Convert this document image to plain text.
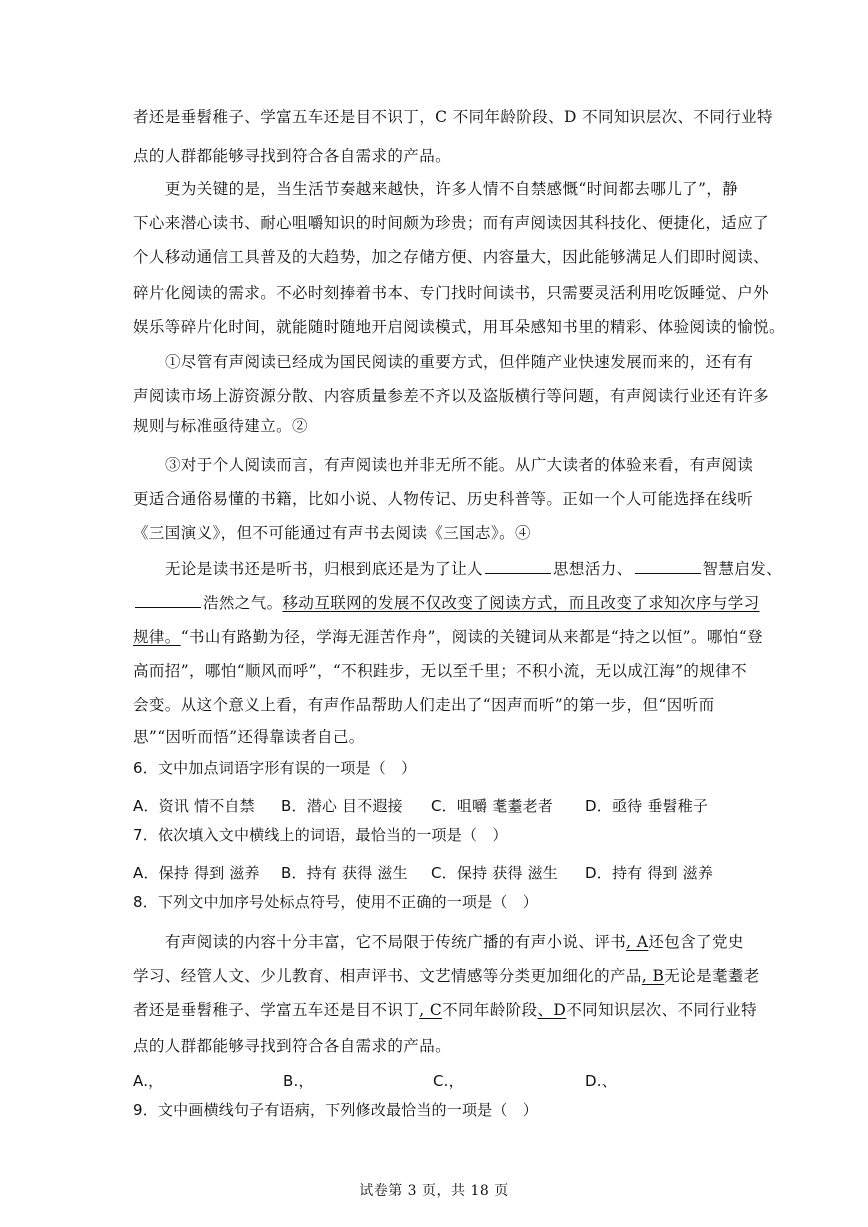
者还是垂髫稚子、学富五车还是目不识丁，C 不同年龄阶段、D 不同知识层次、不同行业特
点的人群都能够寻找到符合各自需求的产品。
更为关键的是，当生活节奏越来越快，许多人情不自禁感慨“时间都去哪儿了”，静
下心来潜心读书、耐心咀嚼知识的时间颇为珍贵；而有声阅读因其科技化、便捷化，适应了
个人移动通信工具普及的大趋势，加之存储方便、内容量大，因此能够满足人们即时阅读、
碎片化阅读的需求。不必时刻捧着书本、专门找时间读书，只需要灵活利用吃饭睡觉、户外
娱乐等碎片化时间，就能随时随地开启阅读模式，用耳朵感知书里的精彩、体验阅读的愉悦。
①尽管有声阅读已经成为国民阅读的重要方式，但伴随产业快速发展而来的，还有有
声阅读市场上游资源分散、内容质量参差不齐以及盗版横行等问题，有声阅读行业还有许多
规则与标准亟待建立。②
③对于个人阅读而言，有声阅读也并非无所不能。从广大读者的体验来看，有声阅读
更适合通俗易懂的书籍，比如小说、人物传记、历史科普等。正如一个人可能选择在线听
《三国演义》，但不可能通过有声书去阅读《三国志》。④
无论是读书还是听书，归根到底还是为了让人	思想活力、	智慧启发、
浩然之气。移动互联网的发展不仅改变了阅读方式，而且改变了求知次序与学习
规律。“书山有路勤为径，学海无涯苦作舟”，阅读的关键词从来都是“持之以恒”。哪怕“登
高而招”，哪怕“顺风而呼”，“不积跬步，无以至千里；不积小流，无以成江海”的规律不
会变。从这个意义上看，有声作品帮助人们走出了“因声而听”的第一步，但“因听而
思”“因听而悟”还得靠读者自己。
6．文中加点词语字形有误的一项是（　）
A．资讯 情不自禁 B．潜心 目不遐接 C．咀嚼 耄耋老者 D．亟待 垂髫稚子
7．依次填入文中横线上的词语，最恰当的一项是（　）
A．保持 得到 滋养 B．持有 获得 滋生 C．保持 获得 滋生 D．持有 得到 滋养
8．下列文中加序号处标点符号，使用不正确的一项是（　）
有声阅读的内容十分丰富，它不局限于传统广播的有声小说、评书, A还包含了党史
学习、经管人文、少儿教育、相声评书、文艺情感等分类更加细化的产品, B无论是耄耋老
者还是垂髫稚子、学富五车还是目不识丁, C不同年龄阶段、D不同知识层次、不同行业特
点的人群都能够寻找到符合各自需求的产品。
A.，	B.，	C.，	D.、
9．文中画横线句子有语病，下列修改最恰当的一项是（　）
试卷第 3 页，共 18 页
